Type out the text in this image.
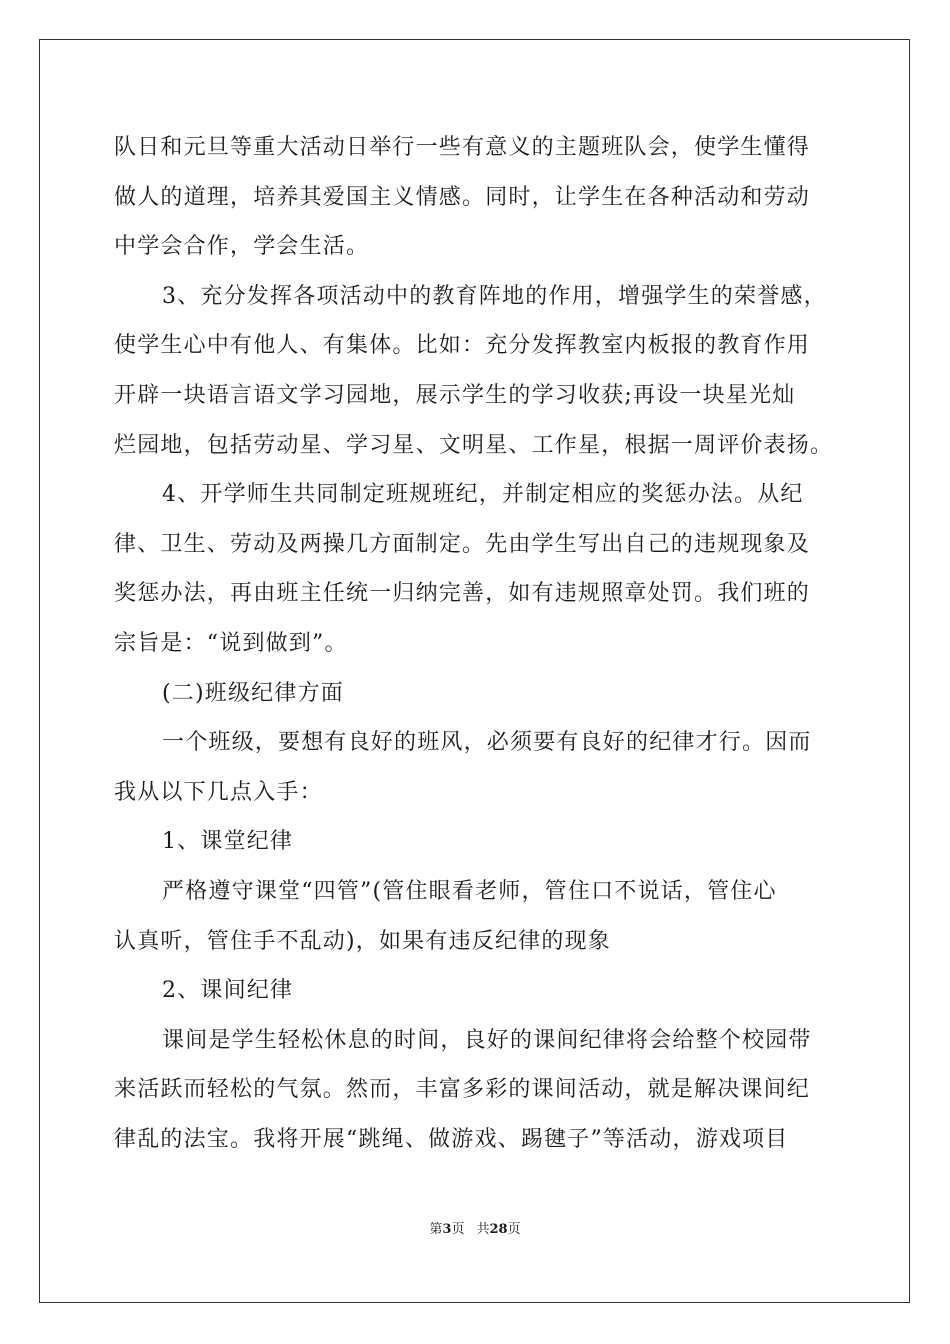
队日和元旦等重大活动日举行一些有意义的主题班队会，使学生懂得
做人的道理，培养其爱国主义情感。同时，让学生在各种活动和劳动
中学会合作，学会生活。
3、充分发挥各项活动中的教育阵地的作用，增强学生的荣誉感，
使学生心中有他人、有集体。比如：充分发挥教室内板报的教育作用
开辟一块语言语文学习园地，展示学生的学习收获;再设一块星光灿
烂园地，包括劳动星、学习星、文明星、工作星，根据一周评价表扬。
4、开学师生共同制定班规班纪，并制定相应的奖惩办法。从纪
律、卫生、劳动及两操几方面制定。先由学生写出自己的违规现象及
奖惩办法，再由班主任统一归纳完善，如有违规照章处罚。我们班的
宗旨是：“说到做到”。
(二)班级纪律方面
一个班级，要想有良好的班风，必须要有良好的纪律才行。因而
我从以下几点入手：
1、课堂纪律
严格遵守课堂“四管”(管住眼看老师，管住口不说话，管住心
认真听，管住手不乱动)，如果有违反纪律的现象
2、课间纪律
课间是学生轻松休息的时间，良好的课间纪律将会给整个校园带
来活跃而轻松的气氛。然而，丰富多彩的课间活动，就是解决课间纪
律乱的法宝。我将开展“跳绳、做游戏、踢毽子”等活动，游戏项目
第3页 共28页
